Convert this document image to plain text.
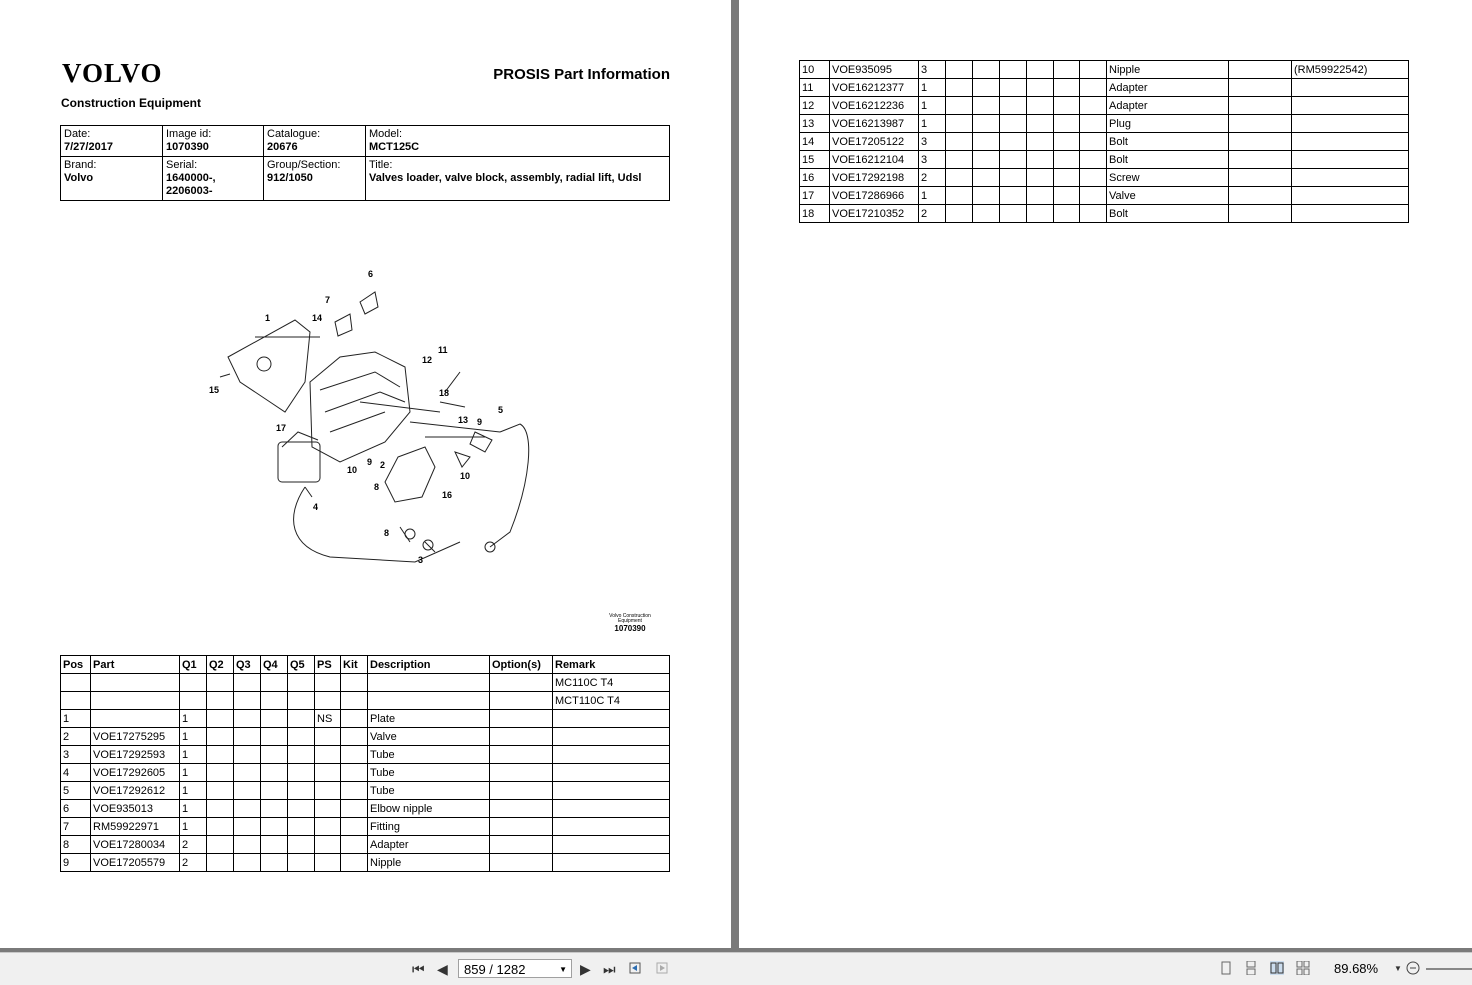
VOLVO
Construction Equipment
PROSIS Part Information
Date:
7/27/2017	Image id:
1070390	Catalogue:
20676	Model:
MCT125C

Brand:
Volvo	Serial:
1640000-,
2206003-	Group/Section:
912/1050	Title:
Valves loader, valve block, assembly, radial lift, Udsl
6
7
1	14
11
12
15	18
13 9
5
17
2
10
8
16
4
8
3
10
9
Volvo Construction
Equipment
1070390
Pos	Part	Q1	Q2	Q3	Q4	Q5	PS	Kit	Description	Option(s)	Remark
											MC110C T4
											MCT110C T4
1		1					NS		Plate		
2	VOE17275295	1							Valve		
3	VOE17292593	1							Tube		
4	VOE17292605	1							Tube		
5	VOE17292612	1							Tube		
6	VOE935013	1							Elbow nipple		
7	RM59922971	1							Fitting		
8	VOE17280034	2							Adapter		
9	VOE17205579	2							Nipple		
10	VOE935095	3							Nipple		(RM59922542)
11	VOE16212377	1							Adapter		
12	VOE16212236	1							Adapter		
13	VOE16213987	1							Plug		
14	VOE17205122	3							Bolt		
15	VOE16212104	3							Bolt		
16	VOE17292198	2							Screw		
17	VOE17286966	1							Valve		
18	VOE17210352	2							Bolt		
⏮ ◀	859 / 1282	▼ ▶ ⏭	89.68% ▼
